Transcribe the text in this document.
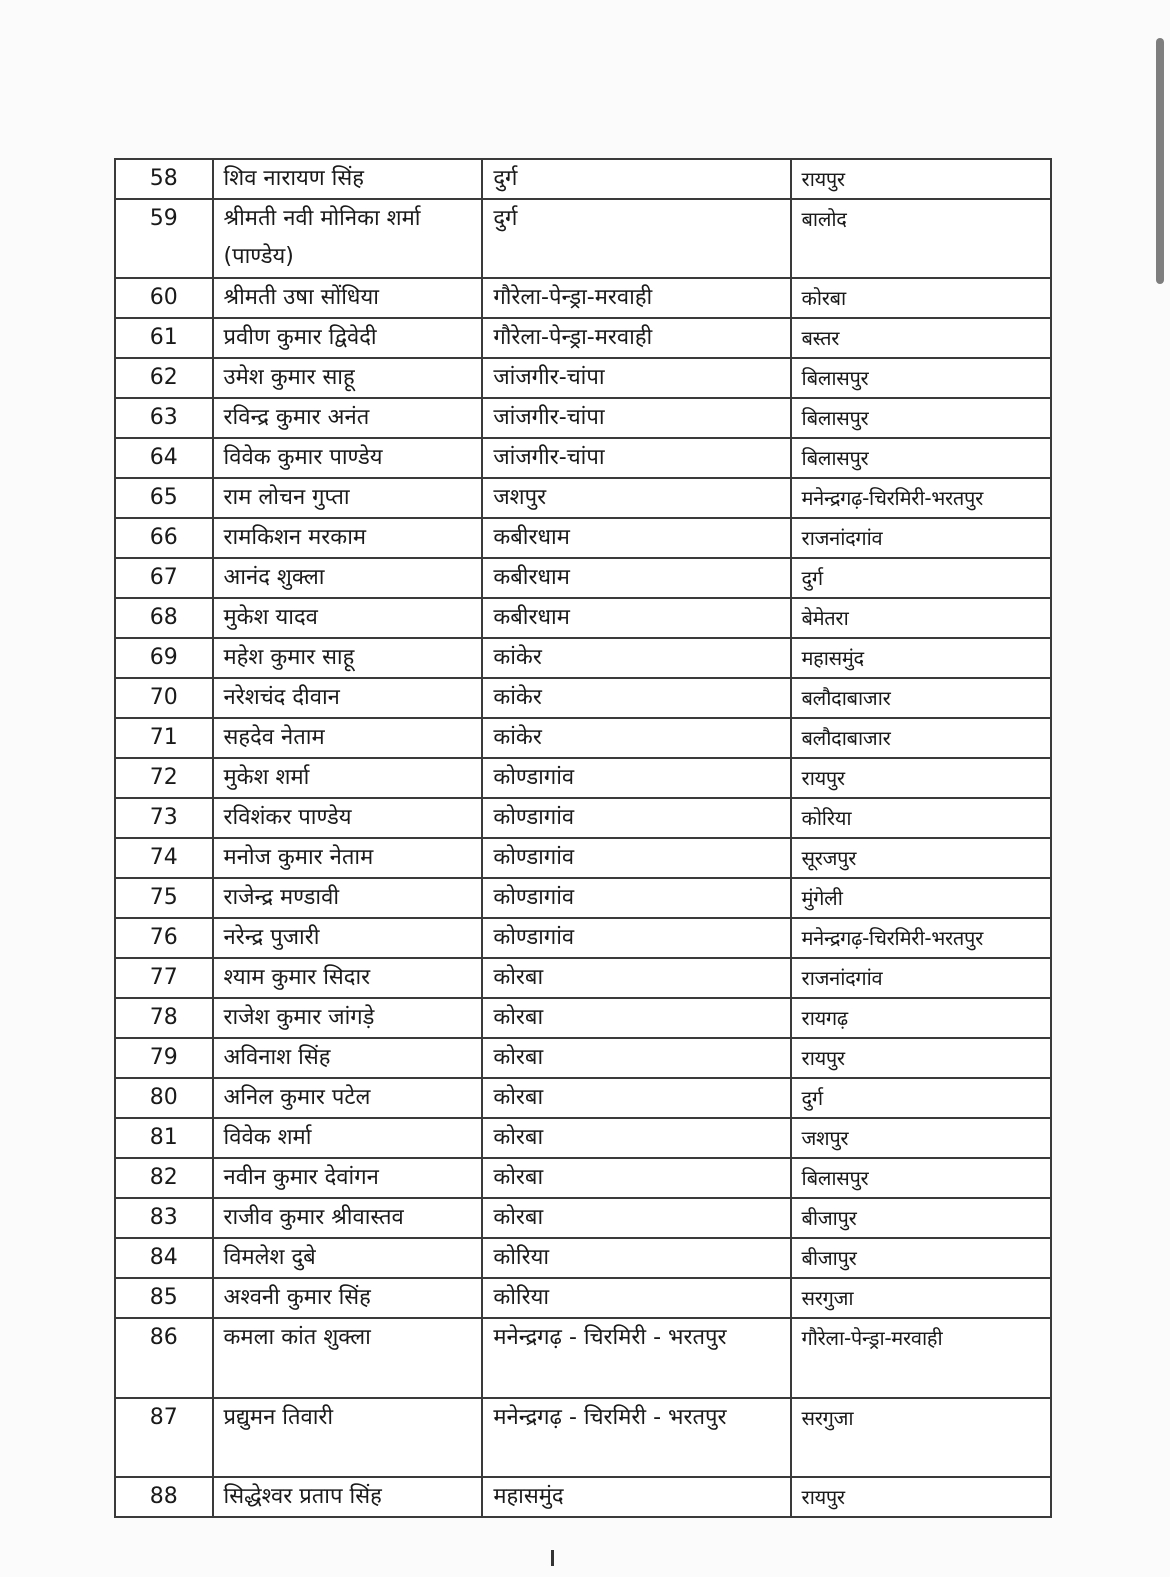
58	शिव नारायण सिंह	दुर्ग	रायपुर
59	श्रीमती नवी मोनिका शर्मा (पाण्डेय)	दुर्ग	बालोद
60	श्रीमती उषा सोंधिया	गौरेला-पेन्ड्रा-मरवाही	कोरबा
61	प्रवीण कुमार द्विवेदी	गौरेला-पेन्ड्रा-मरवाही	बस्तर
62	उमेश कुमार साहू	जांजगीर-चांपा	बिलासपुर
63	रविन्द्र कुमार अनंत	जांजगीर-चांपा	बिलासपुर
64	विवेक कुमार पाण्डेय	जांजगीर-चांपा	बिलासपुर
65	राम लोचन गुप्ता	जशपुर	मनेन्द्रगढ़-चिरमिरी-भरतपुर
66	रामकिशन मरकाम	कबीरधाम	राजनांदगांव
67	आनंद शुक्ला	कबीरधाम	दुर्ग
68	मुकेश यादव	कबीरधाम	बेमेतरा
69	महेश कुमार साहू	कांकेर	महासमुंद
70	नरेशचंद दीवान	कांकेर	बलौदाबाजार
71	सहदेव नेताम	कांकेर	बलौदाबाजार
72	मुकेश शर्मा	कोण्डागांव	रायपुर
73	रविशंकर पाण्डेय	कोण्डागांव	कोरिया
74	मनोज कुमार नेताम	कोण्डागांव	सूरजपुर
75	राजेन्द्र मण्डावी	कोण्डागांव	मुंगेली
76	नरेन्द्र पुजारी	कोण्डागांव	मनेन्द्रगढ़-चिरमिरी-भरतपुर
77	श्याम कुमार सिदार	कोरबा	राजनांदगांव
78	राजेश कुमार जांगड़े	कोरबा	रायगढ़
79	अविनाश सिंह	कोरबा	रायपुर
80	अनिल कुमार पटेल	कोरबा	दुर्ग
81	विवेक शर्मा	कोरबा	जशपुर
82	नवीन कुमार देवांगन	कोरबा	बिलासपुर
83	राजीव कुमार श्रीवास्तव	कोरबा	बीजापुर
84	विमलेश दुबे	कोरिया	बीजापुर
85	अश्वनी कुमार सिंह	कोरिया	सरगुजा
86	कमला कांत शुक्ला	मनेन्द्रगढ़ - चिरमिरी - भरतपुर	गौरेला-पेन्ड्रा-मरवाही
87	प्रद्युमन तिवारी	मनेन्द्रगढ़ - चिरमिरी - भरतपुर	सरगुजा
88	सिद्धेश्वर प्रताप सिंह	महासमुंद	रायपुर
